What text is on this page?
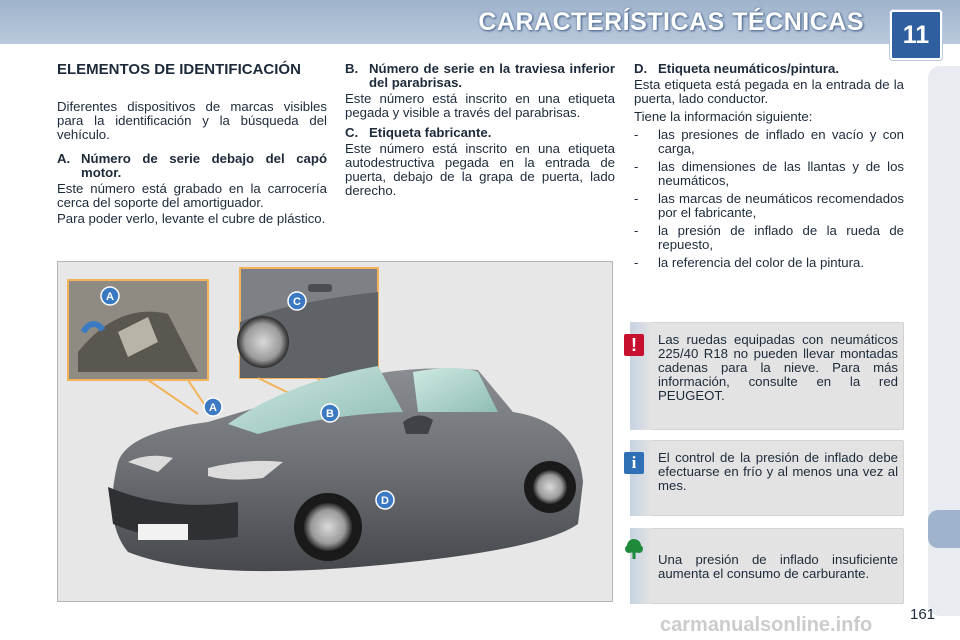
CARACTERÍSTICAS TÉCNICAS	11
ELEMENTOS DE IDENTIFICACIÓN

Diferentes dispositivos de marcas visibles para la identificación y la búsqueda del vehículo.

A. Número de serie debajo del capó motor.

Este número está grabado en la carrocería cerca del soporte del amortiguador.

Para poder verlo, levante el cubre de plástico.

B. Número de serie en la traviesa inferior del parabrisas.

Este número está inscrito en una etiqueta pegada y visible a través del parabrisas.

C. Etiqueta fabricante.

Este número está inscrito en una etiqueta autodestructiva pegada en la entrada de puerta, debajo de la grapa de puerta, lado derecho.

D. Etiqueta neumáticos/pintura.

Esta etiqueta está pegada en la entrada de la puerta, lado conductor.

Tiene la información siguiente:

-	las presiones de inflado en vacío y con carga,
-	las dimensiones de las llantas y de los neumáticos,
-	las marcas de neumáticos recomendados por el fabricante,
-	la presión de inflado de la rueda de repuesto,
-	la referencia del color de la pintura.
A
A
B
C
D
!	Las ruedas equipadas con neumáticos 225/40 R18 no pueden llevar montadas cadenas para la nieve. Para más información, consulte en la red PEUGEOT.
i	El control de la presión de inflado debe efectuarse en frío y al menos una vez al mes.
Una presión de inflado insuficiente aumenta el consumo de carburante.
161
carmanualsonline.info
